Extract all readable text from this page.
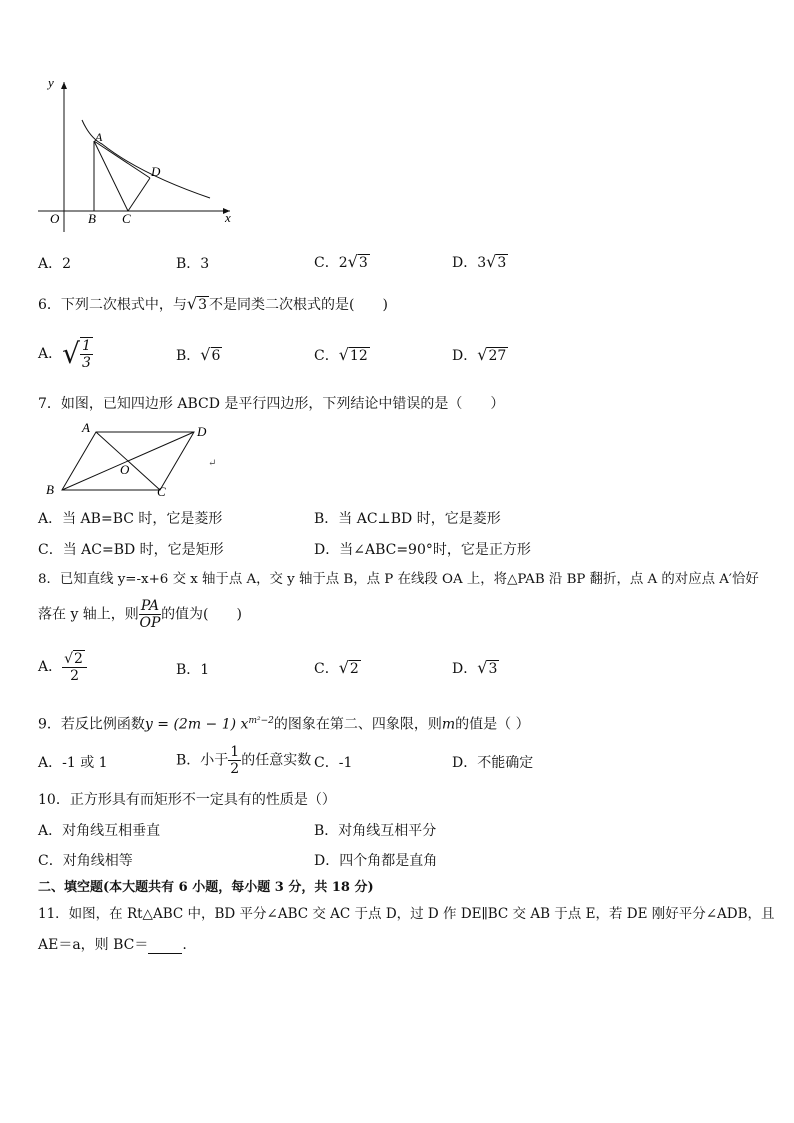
y
x
O
A
B C
D
A．2	B．3	C．2√3	D．3√3
6．下列二次根式中，与√3 不是同类二次根式的是(　　)
A．√ $\frac{1}{3}$	B．√6	C．√12	D．√27
7．如图，已知四边形 ABCD 是平行四边形，下列结论中错误的是（　　）
A	D
B	C
O	↵
A．当 AB=BC 时，它是菱形	B．当 AC⊥BD 时，它是菱形
C．当 AC=BD 时，它是矩形	D．当∠ABC=90°时，它是正方形
8．已知直线 y=-x+6 交 x 轴于点 A，交 y 轴于点 B，点 P 在线段 OA 上，将△PAB 沿 BP 翻折，点 A 的对应点 A′恰好
落在 y 轴上，则 $\frac{PA}{OP}$ 的值为(　　)
A． $\frac{√2}{2}$	B．1	C．√2	D．√3
9．若反比例函数y = (2m − 1) $x^{m^2-2}$的图象在第二、四象限，则m的值是（ ）
A．-1 或 1	B．小于 $\frac{1}{2}$ 的任意实数 C．-1	D．不能确定
10．正方形具有而矩形不一定具有的性质是（）
A．对角线互相垂直	B．对角线互相平分
C．对角线相等	D．四个角都是直角
二、填空题(本大题共有 6 小题，每小题 3 分，共 18 分)
11．如图，在 Rt△ABC 中，BD 平分∠ABC 交 AC 于点 D，过 D 作 DE∥BC 交 AB 于点 E，若 DE 刚好平分∠ADB，且
AE＝a，则 BC＝ .
